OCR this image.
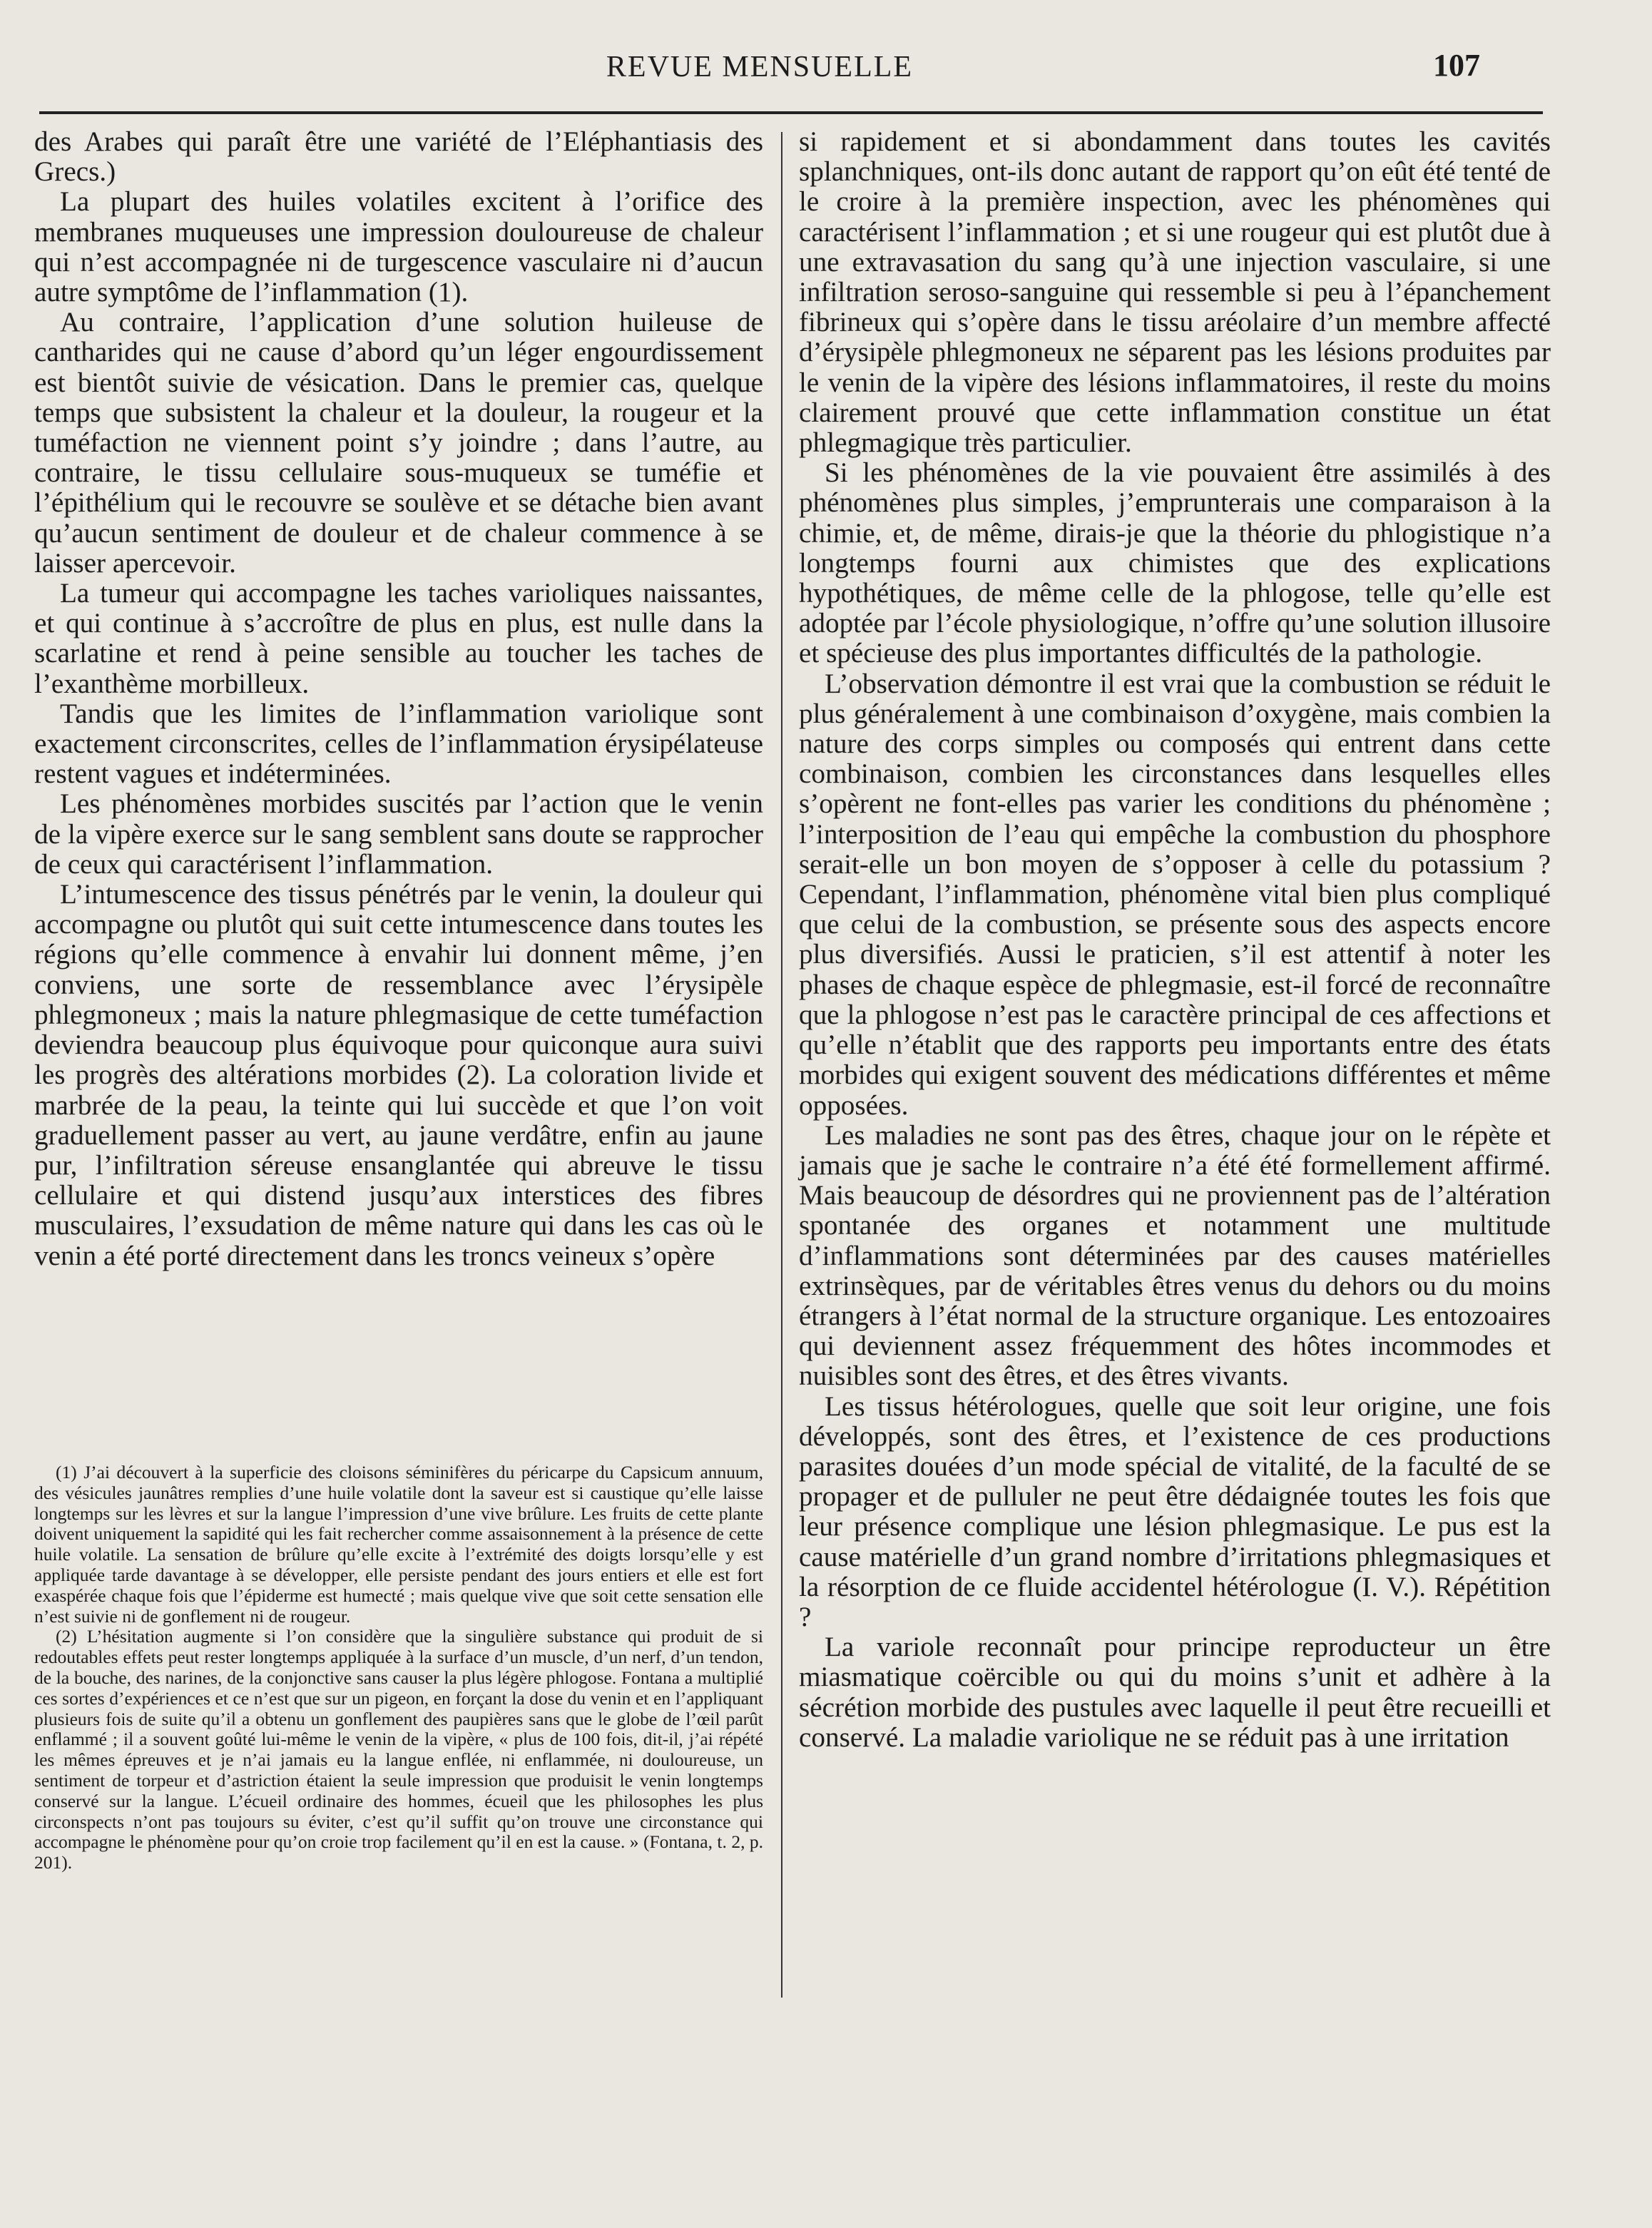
REVUE MENSUELLE	107

des Arabes qui paraît être une variété de l’Eléphantiasis des Grecs.)

La plupart des huiles volatiles excitent à l’orifice des membranes muqueuses une impression douloureuse de chaleur qui n’est accompagnée ni de turgescence vasculaire ni d’aucun autre symptôme de l’inflammation (1).

Au contraire, l’application d’une solution huileuse de cantharides qui ne cause d’abord qu’un léger engourdissement est bientôt suivie de vésication. Dans le premier cas, quelque temps que subsistent la chaleur et la douleur, la rougeur et la tuméfaction ne viennent point s’y joindre ; dans l’autre, au contraire, le tissu cellulaire sous-muqueux se tuméfie et l’épithélium qui le recouvre se soulève et se détache bien avant qu’aucun sentiment de douleur et de chaleur commence à se laisser apercevoir.

La tumeur qui accompagne les taches varioliques naissantes, et qui continue à s’accroître de plus en plus, est nulle dans la scarlatine et rend à peine sensible au toucher les taches de l’exanthème morbilleux.

Tandis que les limites de l’inflammation variolique sont exactement circonscrites, celles de l’inflammation érysipélateuse restent vagues et indéterminées.

Les phénomènes morbides suscités par l’action que le venin de la vipère exerce sur le sang semblent sans doute se rapprocher de ceux qui caractérisent l’inflammation.

L’intumescence des tissus pénétrés par le venin, la douleur qui accompagne ou plutôt qui suit cette intumescence dans toutes les régions qu’elle commence à envahir lui donnent même, j’en conviens, une sorte de ressemblance avec l’érysipèle phlegmoneux ; mais la nature phlegmasique de cette tuméfaction deviendra beaucoup plus équivoque pour quiconque aura suivi les progrès des altérations morbides (2). La coloration livide et marbrée de la peau, la teinte qui lui succède et que l’on voit graduellement passer au vert, au jaune verdâtre, enfin au jaune pur, l’infiltration séreuse ensanglantée qui abreuve le tissu cellulaire et qui distend jusqu’aux interstices des fibres musculaires, l’exsudation de même nature qui dans les cas où le venin a été porté directement dans les troncs veineux s’opère

(1) J’ai découvert à la superficie des cloisons séminifères du péricarpe du Capsicum annuum, des vésicules jaunâtres remplies d’une huile volatile dont la saveur est si caustique qu’elle laisse longtemps sur les lèvres et sur la langue l’impression d’une vive brûlure. Les fruits de cette plante doivent uniquement la sapidité qui les fait rechercher comme assaisonnement à la présence de cette huile volatile. La sensation de brûlure qu’elle excite à l’extrémité des doigts lorsqu’elle y est appliquée tarde davantage à se développer, elle persiste pendant des jours entiers et elle est fort exaspérée chaque fois que l’épiderme est humecté ; mais quelque vive que soit cette sensation elle n’est suivie ni de gonflement ni de rougeur.

(2) L’hésitation augmente si l’on considère que la singulière substance qui produit de si redoutables effets peut rester longtemps appliquée à la surface d’un muscle, d’un nerf, d’un tendon, de la bouche, des narines, de la conjonctive sans causer la plus légère phlogose. Fontana a multiplié ces sortes d’expériences et ce n’est que sur un pigeon, en forçant la dose du venin et en l’appliquant plusieurs fois de suite qu’il a obtenu un gonflement des paupières sans que le globe de l’œil parût enflammé ; il a souvent goûté lui-même le venin de la vipère, « plus de 100 fois, dit-il, j’ai répété les mêmes épreuves et je n’ai jamais eu la langue enflée, ni enflammée, ni douloureuse, un sentiment de torpeur et d’astriction étaient la seule impression que produisit le venin longtemps conservé sur la langue. L’écueil ordinaire des hommes, écueil que les philosophes les plus circonspects n’ont pas toujours su éviter, c’est qu’il suffit qu’on trouve une circonstance qui accompagne le phénomène pour qu’on croie trop facilement qu’il en est la cause. » (Fontana, t. 2, p. 201).

si rapidement et si abondamment dans toutes les cavités splanchniques, ont-ils donc autant de rapport qu’on eût été tenté de le croire à la première inspection, avec les phénomènes qui caractérisent l’inflammation ; et si une rougeur qui est plutôt due à une extravasation du sang qu’à une injection vasculaire, si une infiltration seroso-sanguine qui ressemble si peu à l’épanchement fibrineux qui s’opère dans le tissu aréolaire d’un membre affecté d’érysipèle phlegmoneux ne séparent pas les lésions produites par le venin de la vipère des lésions inflammatoires, il reste du moins clairement prouvé que cette inflammation constitue un état phlegmagique très particulier.

Si les phénomènes de la vie pouvaient être assimilés à des phénomènes plus simples, j’emprunterais une comparaison à la chimie, et, de même, dirais-je que la théorie du phlogistique n’a longtemps fourni aux chimistes que des explications hypothétiques, de même celle de la phlogose, telle qu’elle est adoptée par l’école physiologique, n’offre qu’une solution illusoire et spécieuse des plus importantes difficultés de la pathologie.

L’observation démontre il est vrai que la combustion se réduit le plus généralement à une combinaison d’oxygène, mais combien la nature des corps simples ou composés qui entrent dans cette combinaison, combien les circonstances dans lesquelles elles s’opèrent ne font-elles pas varier les conditions du phénomène ; l’interposition de l’eau qui empêche la combustion du phosphore serait-elle un bon moyen de s’opposer à celle du potassium ? Cependant, l’inflammation, phénomène vital bien plus compliqué que celui de la combustion, se présente sous des aspects encore plus diversifiés. Aussi le praticien, s’il est attentif à noter les phases de chaque espèce de phlegmasie, est-il forcé de reconnaître que la phlogose n’est pas le caractère principal de ces affections et qu’elle n’établit que des rapports peu importants entre des états morbides qui exigent souvent des médications différentes et même opposées.

Les maladies ne sont pas des êtres, chaque jour on le répète et jamais que je sache le contraire n’a été été formellement affirmé. Mais beaucoup de désordres qui ne proviennent pas de l’altération spontanée des organes et notamment une multitude d’inflammations sont déterminées par des causes matérielles extrinsèques, par de véritables êtres venus du dehors ou du moins étrangers à l’état normal de la structure organique. Les entozoaires qui deviennent assez fréquemment des hôtes incommodes et nuisibles sont des êtres, et des êtres vivants.

Les tissus hétérologues, quelle que soit leur origine, une fois développés, sont des êtres, et l’existence de ces productions parasites douées d’un mode spécial de vitalité, de la faculté de se propager et de pulluler ne peut être dédaignée toutes les fois que leur présence complique une lésion phlegmasique. Le pus est la cause matérielle d’un grand nombre d’irritations phlegmasiques et la résorption de ce fluide accidentel hétérologue (I. V.). Répétition ?

La variole reconnaît pour principe reproducteur un être miasmatique coërcible ou qui du moins s’unit et adhère à la sécrétion morbide des pustules avec laquelle il peut être recueilli et conservé. La maladie variolique ne se réduit pas à une irritation
